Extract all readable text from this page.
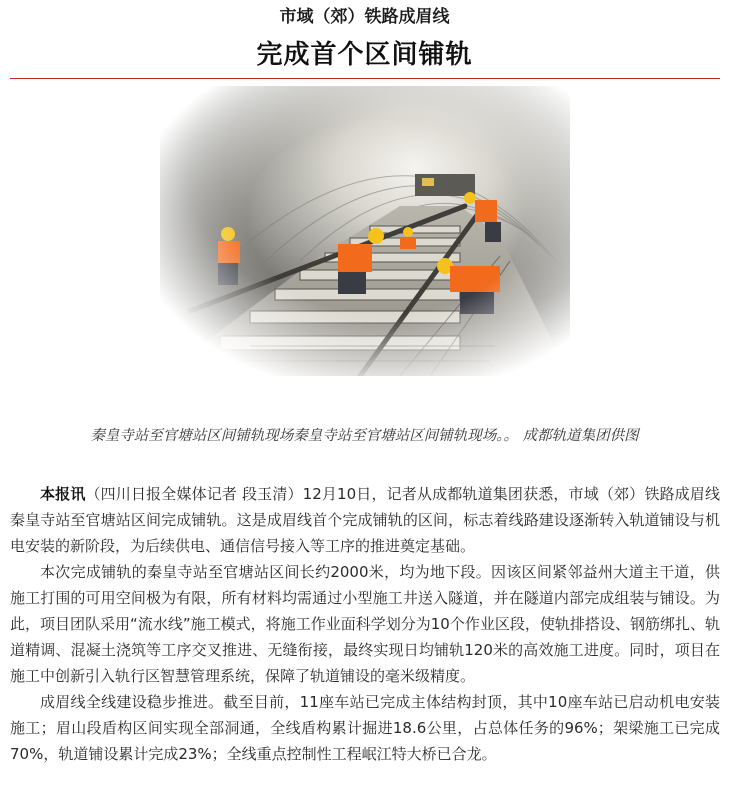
市域（郊）铁路成眉线
完成首个区间铺轨
秦皇寺站至官塘站区间铺轨现场秦皇寺站至官塘站区间铺轨现场。。 成都轨道集团供图

本报讯（四川日报全媒体记者 段玉清）12月10日，记者从成都轨道集团获悉，市域（郊）铁路成眉线秦皇寺站至官塘站区间完成铺轨。这是成眉线首个完成铺轨的区间，标志着线路建设逐渐转入轨道铺设与机电安装的新阶段，为后续供电、通信信号接入等工序的推进奠定基础。

本次完成铺轨的秦皇寺站至官塘站区间长约2000米，均为地下段。因该区间紧邻益州大道主干道，供施工打围的可用空间极为有限，所有材料均需通过小型施工井送入隧道，并在隧道内部完成组装与铺设。为此，项目团队采用“流水线”施工模式，将施工作业面科学划分为10个作业区段，使轨排搭设、钢筋绑扎、轨道精调、混凝土浇筑等工序交叉推进、无缝衔接，最终实现日均铺轨120米的高效施工进度。同时，项目在施工中创新引入轨行区智慧管理系统，保障了轨道铺设的毫米级精度。

成眉线全线建设稳步推进。截至目前，11座车站已完成主体结构封顶，其中10座车站已启动机电安装施工；眉山段盾构区间实现全部洞通，全线盾构累计掘进18.6公里，占总体任务的96%；架梁施工已完成70%，轨道铺设累计完成23%；全线重点控制性工程岷江特大桥已合龙。
